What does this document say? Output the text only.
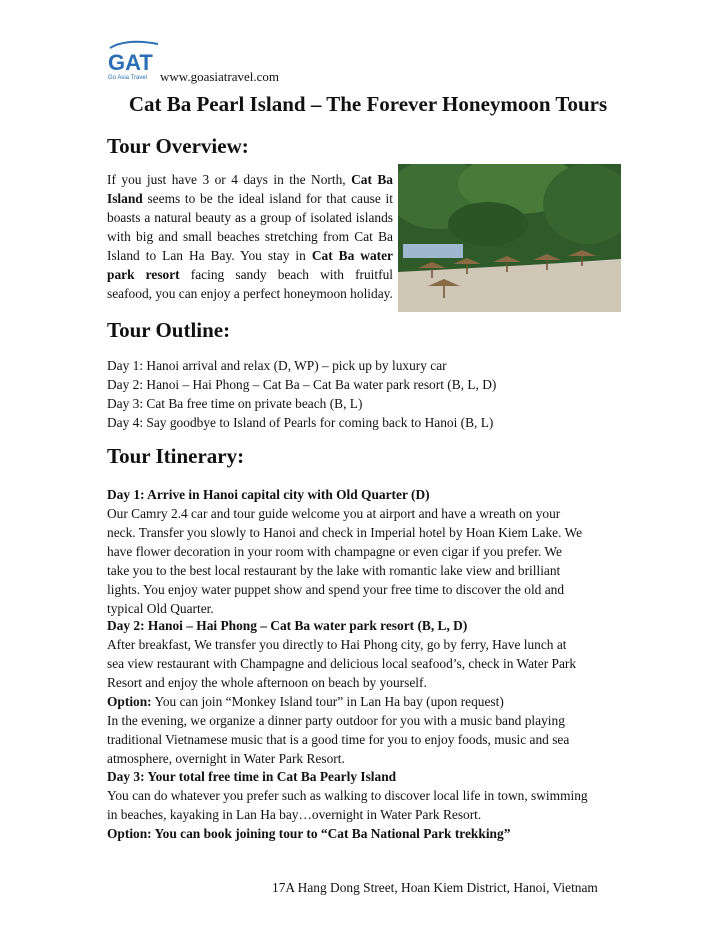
GAT
Go Asia Travel www.goasiatravel.com
Cat Ba Pearl Island – The Forever Honeymoon Tours
Tour Overview:

If you just have 3 or 4 days in the North, Cat Ba Island seems to be the ideal island for that cause it boasts a natural beauty as a group of isolated islands with big and small beaches stretching from Cat Ba Island to Lan Ha Bay. You stay in Cat Ba water park resort facing sandy beach with fruitful seafood, you can enjoy a perfect honeymoon holiday.

Tour Outline:
Day 1: Hanoi arrival and relax (D, WP) – pick up by luxury car
Day 2: Hanoi – Hai Phong – Cat Ba – Cat Ba water park resort (B, L, D)
Day 3: Cat Ba free time on private beach (B, L)
Day 4: Say goodbye to Island of Pearls for coming back to Hanoi (B, L)
Tour Itinerary:
Day 1: Arrive in Hanoi capital city with Old Quarter (D)
Our Camry 2.4 car and tour guide welcome you at airport and have a wreath on your
neck. Transfer you slowly to Hanoi and check in Imperial hotel by Hoan Kiem Lake. We
have flower decoration in your room with champagne or even cigar if you prefer. We
take you to the best local restaurant by the lake with romantic lake view and brilliant
lights. You enjoy water puppet show and spend your free time to discover the old and
typical Old Quarter.
Day 2: Hanoi – Hai Phong – Cat Ba water park resort (B, L, D)
After breakfast, We transfer you directly to Hai Phong city, go by ferry, Have lunch at
sea view restaurant with Champagne and delicious local seafood’s, check in Water Park
Resort and enjoy the whole afternoon on beach by yourself.
Option: You can join “Monkey Island tour” in Lan Ha bay (upon request)
In the evening, we organize a dinner party outdoor for you with a music band playing
traditional Vietnamese music that is a good time for you to enjoy foods, music and sea
atmosphere, overnight in Water Park Resort.
Day 3: Your total free time in Cat Ba Pearly Island
You can do whatever you prefer such as walking to discover local life in town, swimming
in beaches, kayaking in Lan Ha bay…overnight in Water Park Resort.
Option: You can book joining tour to “Cat Ba National Park trekking”
17A Hang Dong Street, Hoan Kiem District, Hanoi, Vietnam
